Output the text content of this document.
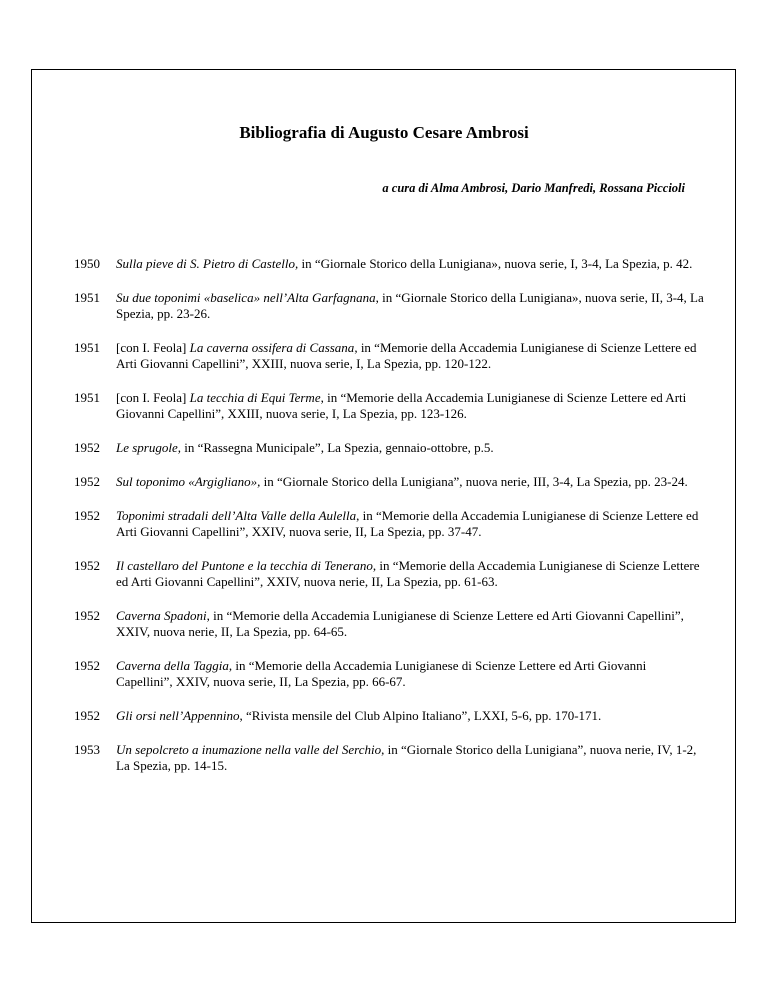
Bibliografia di Augusto Cesare Ambrosi
a cura di Alma Ambrosi, Dario Manfredi, Rossana Piccioli
1950	Sulla pieve di S. Pietro di Castello, in “Giornale Storico della Lunigiana», nuova serie, I, 3-4, La Spezia, p. 42.
1951	Su due toponimi «baselica» nell’Alta Garfagnana, in “Giornale Storico della Lunigiana», nuova serie, II, 3-4, La Spezia, pp. 23-26.
1951	[con I. Feola] La caverna ossifera di Cassana, in “Memorie della Accademia Lunigianese di Scienze Lettere ed Arti Giovanni Capellini”, XXIII, nuova serie, I, La Spezia, pp. 120-122.
1951	[con I. Feola] La tecchia di Equi Terme, in “Memorie della Accademia Lunigianese di Scienze Lettere ed Arti Giovanni Capellini”, XXIII, nuova serie, I, La Spezia, pp. 123-126.
1952	Le sprugole, in “Rassegna Municipale”, La Spezia, gennaio-ottobre, p.5.
1952	Sul toponimo «Argigliano», in “Giornale Storico della Lunigiana”, nuova nerie, III, 3-4, La Spezia, pp. 23-24.
1952	Toponimi stradali dell’Alta Valle della Aulella, in “Memorie della Accademia Lunigianese di Scienze Lettere ed Arti Giovanni Capellini”, XXIV, nuova serie, II, La Spezia, pp. 37-47.
1952	Il castellaro del Puntone e la tecchia di Tenerano, in “Memorie della Accademia Lunigianese di Scienze Lettere ed Arti Giovanni Capellini”, XXIV, nuova nerie, II, La Spezia, pp. 61-63.
1952	Caverna Spadoni, in “Memorie della Accademia Lunigianese di Scienze Lettere ed Arti Giovanni Capellini”, XXIV, nuova nerie, II, La Spezia, pp. 64-65.
1952	Caverna della Taggia, in “Memorie della Accademia Lunigianese di Scienze Lettere ed Arti Giovanni Capellini”, XXIV, nuova serie, II, La Spezia, pp. 66-67.
1952	Gli orsi nell’Appennino, “Rivista mensile del Club Alpino Italiano”, LXXI, 5-6, pp. 170-171.
1953	Un sepolcreto a inumazione nella valle del Serchio, in “Giornale Storico della Lunigiana”, nuova nerie, IV, 1-2, La Spezia, pp. 14-15.
